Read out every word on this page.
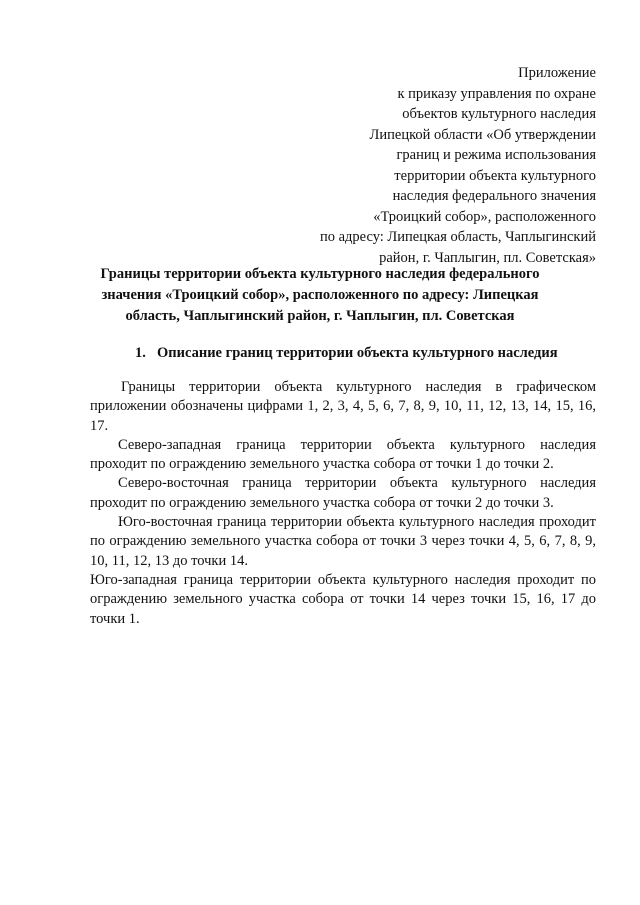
Приложение
к приказу управления по охране
объектов культурного наследия
Липецкой области «Об утверждении
границ и режима использования
территории объекта культурного
наследия федерального значения
«Троицкий собор», расположенного
по адресу: Липецкая область, Чаплыгинский
район, г. Чаплыгин, пл. Советская»
Границы территории объекта культурного наследия федерального значения «Троицкий собор», расположенного по адресу: Липецкая область, Чаплыгинский район, г. Чаплыгин, пл. Советская
1. Описание границ территории объекта культурного наследия

Границы территории объекта культурного наследия в графическом приложении обозначены цифрами 1, 2, 3, 4, 5, 6, 7, 8, 9, 10, 11, 12, 13, 14, 15, 16, 17.

Северо-западная граница территории объекта культурного наследия проходит по ограждению земельного участка собора от точки 1 до точки 2.

Северо-восточная граница территории объекта культурного наследия проходит по ограждению земельного участка собора от точки 2 до точки 3.

Юго-восточная граница территории объекта культурного наследия проходит по ограждению земельного участка собора от точки 3 через точки 4, 5, 6, 7, 8, 9, 10, 11, 12, 13 до точки 14.

Юго-западная граница территории объекта культурного наследия проходит по ограждению земельного участка собора от точки 14 через точки 15, 16, 17 до точки 1.
